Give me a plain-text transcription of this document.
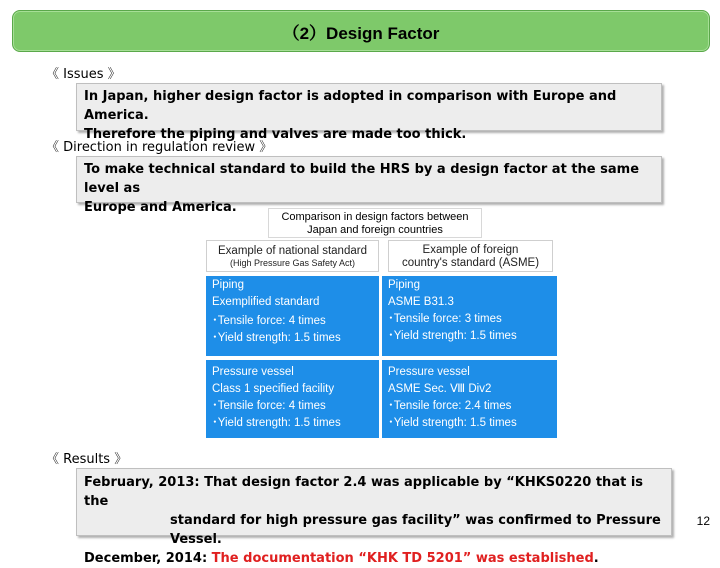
（2）Design Factor
《 Issues 》
In Japan, higher design factor is adopted in comparison with Europe and America.
Therefore the piping and valves are made too thick.
《 Direction in regulation review 》
To make technical standard to build the HRS by a design factor at the same level as
Europe and America.
Comparison in design factors between
Japan and foreign countries
Example of national standard
(High Pressure Gas Safety Act)
Example of foreign
country's standard (ASME)
Piping
Exemplified standard
･Tensile force: 4 times
･Yield strength: 1.5 times
Piping
ASME B31.3
･Tensile force: 3 times
･Yield strength: 1.5 times
Pressure vessel
Class 1 specified facility
･Tensile force: 4 times
･Yield strength: 1.5 times
Pressure vessel
ASME Sec. Ⅷ Div2
･Tensile force: 2.4 times
･Yield strength: 1.5 times
《 Results 》
February, 2013: That design factor 2.4 was applicable by “KHKS0220 that is the
standard for high pressure gas facility” was confirmed to Pressure Vessel.
December, 2014: The documentation “KHK TD 5201” was established.
12
